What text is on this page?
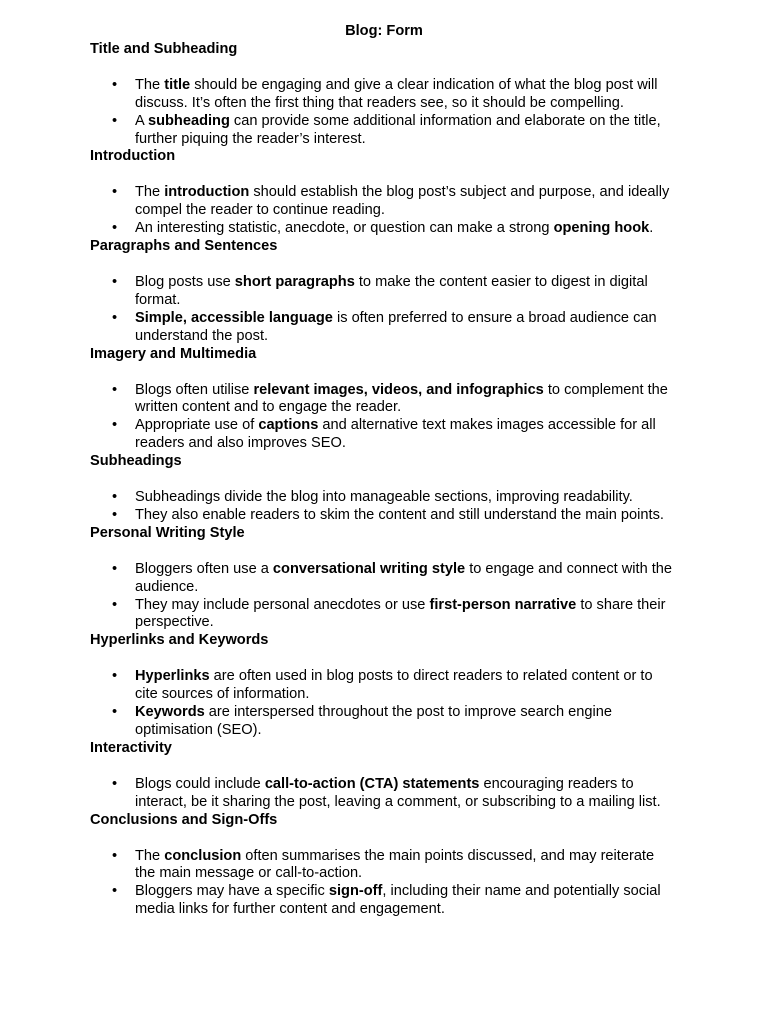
Blog: Form
Title and Subheading
• The title should be engaging and give a clear indication of what the blog post will discuss. It’s often the first thing that readers see, so it should be compelling.
• A subheading can provide some additional information and elaborate on the title, further piquing the reader’s interest.
Introduction
• The introduction should establish the blog post’s subject and purpose, and ideally compel the reader to continue reading.
• An interesting statistic, anecdote, or question can make a strong opening hook.
Paragraphs and Sentences
• Blog posts use short paragraphs to make the content easier to digest in digital format.
• Simple, accessible language is often preferred to ensure a broad audience can understand the post.
Imagery and Multimedia
• Blogs often utilise relevant images, videos, and infographics to complement the written content and to engage the reader.
• Appropriate use of captions and alternative text makes images accessible for all readers and also improves SEO.
Subheadings
• Subheadings divide the blog into manageable sections, improving readability.
• They also enable readers to skim the content and still understand the main points.
Personal Writing Style
• Bloggers often use a conversational writing style to engage and connect with the audience.
• They may include personal anecdotes or use first-person narrative to share their perspective.
Hyperlinks and Keywords
• Hyperlinks are often used in blog posts to direct readers to related content or to cite sources of information.
• Keywords are interspersed throughout the post to improve search engine optimisation (SEO).
Interactivity
• Blogs could include call-to-action (CTA) statements encouraging readers to interact, be it sharing the post, leaving a comment, or subscribing to a mailing list.
Conclusions and Sign-Offs
• The conclusion often summarises the main points discussed, and may reiterate the main message or call-to-action.
• Bloggers may have a specific sign-off, including their name and potentially social media links for further content and engagement.
